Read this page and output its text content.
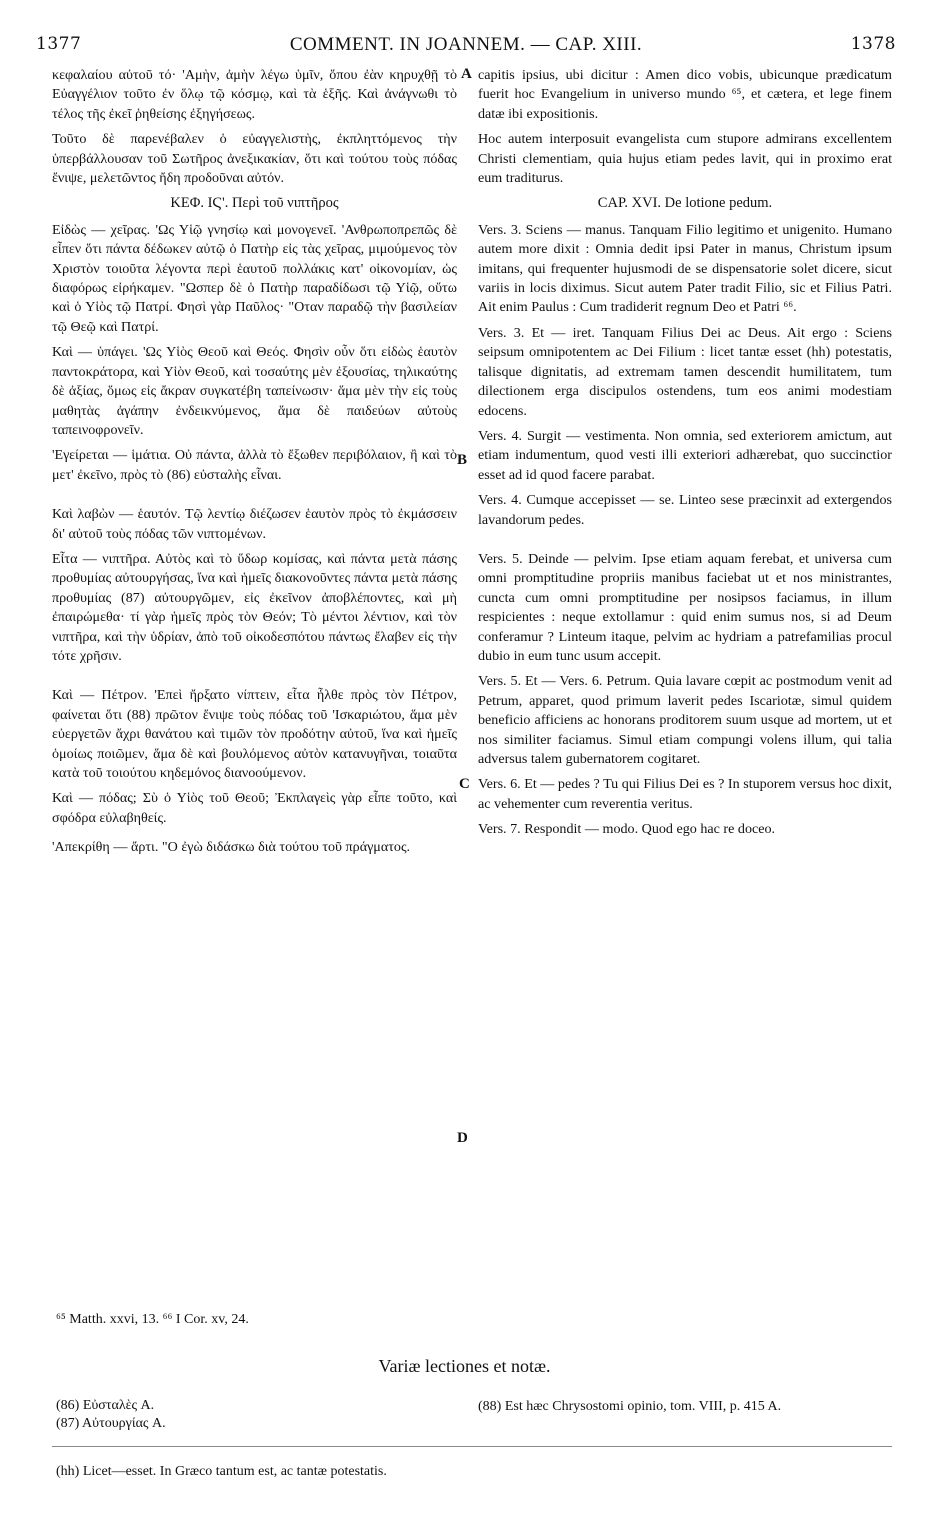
1377	COMMENT. IN JOANNEM. — CAP. XIII.	1378

κεφαλαίου αὐτοῦ τό· 'Αμὴν, ἀμὴν λέγω ὑμῖν, ὅπου ἐὰν κηρυχθῇ τὸ Εὐαγγέλιον τοῦτο ἐν ὅλῳ τῷ κόσμῳ, καὶ τὰ ἑξῆς. Καὶ ἀνάγνωθι τὸ τέλος τῆς ἐκεῖ ῥηθείσης ἐξηγήσεως.

Τοῦτο δὲ παρενέβαλεν ὁ εὐαγγελιστὴς, ἐκπληττόμενος τὴν ὑπερβάλλουσαν τοῦ Σωτῆρος ἀνεξικακίαν, ὅτι καὶ τούτου τοὺς πόδας ἔνιψε, μελετῶντος ἤδη προδοῦναι αὐτόν.

ΚΕΦ. ΙϚ'. Περὶ τοῦ νιπτῆρος

Εἰδὼς — χεῖρας. 'Ως Υἱῷ γνησίῳ καὶ μονογενεῖ. 'Ανθρωποπρεπῶς δὲ εἶπεν ὅτι πάντα δέδωκεν αὐτῷ ὁ Πατὴρ εἰς τὰς χεῖρας, μιμούμενος τὸν Χριστὸν τοιοῦτα λέγοντα περὶ ἑαυτοῦ πολλάκις κατ' οἰκονομίαν, ὡς διαφόρως εἰρήκαμεν. "Ωσπερ δὲ ὁ Πατὴρ παραδίδωσι τῷ Υἱῷ, οὕτω καὶ ὁ Υἱὸς τῷ Πατρί. Φησὶ γὰρ Παῦλος· "Οταν παραδῷ τὴν βασιλείαν τῷ Θεῷ καὶ Πατρί.

Καὶ — ὑπάγει. 'Ως Υἱὸς Θεοῦ καὶ Θεός. Φησὶν οὖν ὅτι εἰδὼς ἑαυτὸν παντοκράτορα, καὶ Υἱὸν Θεοῦ, καὶ τοσαύτης μὲν ἐξουσίας, τηλικαύτης δὲ ἀξίας, ὅμως εἰς ἄκραν συγκατέβη ταπείνωσιν· ἅμα μὲν τὴν εἰς τοὺς μαθητὰς ἀγάπην ἐνδεικνύμενος, ἅμα δὲ παιδεύων αὐτοὺς ταπεινοφρονεῖν.

'Εγείρεται — ἱμάτια. Οὐ πάντα, ἀλλὰ τὸ ἔξωθεν περιβόλαιον, ἢ καὶ τὸ μετ' ἐκεῖνο, πρὸς τὸ (86) εὐσταλὴς εἶναι.

Καὶ λαβὼν — ἑαυτόν. Τῷ λεντίῳ διέζωσεν ἑαυτὸν πρὸς τὸ ἐκμάσσειν δι' αὐτοῦ τοὺς πόδας τῶν νιπτομένων.

Εἶτα — νιπτῆρα. Αὐτὸς καὶ τὸ ὕδωρ κομίσας, καὶ πάντα μετὰ πάσης προθυμίας αὐτουργήσας, ἵνα καὶ ἡμεῖς διακονοῦντες πάντα μετὰ πάσης προθυμίας (87) αὐτουργῶμεν, εἰς ἐκεῖνον ἀποβλέποντες, καὶ μὴ ἐπαιρώμεθα· τί γὰρ ἡμεῖς πρὸς τὸν Θεόν; Τὸ μέντοι λέντιον, καὶ τὸν νιπτῆρα, καὶ τὴν ὑδρίαν, ἀπὸ τοῦ οἰκοδεσπότου πάντως ἔλαβεν εἰς τὴν τότε χρῆσιν.

Καὶ — Πέτρον. 'Επεὶ ἤρξατο νίπτειν, εἶτα ἦλθε πρὸς τὸν Πέτρον, φαίνεται ὅτι (88) πρῶτον ἔνιψε τοὺς πόδας τοῦ 'Ισκαριώτου, ἅμα μὲν εὐεργετῶν ἄχρι θανάτου καὶ τιμῶν τὸν προδότην αὐτοῦ, ἵνα καὶ ἡμεῖς ὁμοίως ποιῶμεν, ἅμα δὲ καὶ βουλόμενος αὐτὸν κατανυγῆναι, τοιαῦτα κατὰ τοῦ τοιούτου κηδεμόνος διανοούμενον.

Καὶ — πόδας; Σὺ ὁ Υἱὸς τοῦ Θεοῦ; Ἐκπλαγεὶς γὰρ εἶπε τοῦτο, καὶ σφόδρα εὐλαβηθείς.

'Απεκρίθη — ἄρτι. "Ο ἐγὼ διδάσκω διὰ τούτου τοῦ πράγματος.

capitis ipsius, ubi dicitur : Amen dico vobis, ubicunque prædicatum fuerit hoc Evangelium in universo mundo ⁶⁵, et cætera, et lege finem datæ ibi expositionis.

Hoc autem interposuit evangelista cum stupore admirans excellentem Christi clementiam, quia hujus etiam pedes lavit, qui in proximo erat eum traditurus.

CAP. XVI. De lotione pedum.

Vers. 3. Sciens — manus. Tanquam Filio legitimo et unigenito. Humano autem more dixit : Omnia dedit ipsi Pater in manus, Christum ipsum imitans, qui frequenter hujusmodi de se dispensatorie solet dicere, sicut variis in locis diximus. Sicut autem Pater tradit Filio, sic et Filius Patri. Ait enim Paulus : Cum tradiderit regnum Deo et Patri ⁶⁶.

Vers. 3. Et — iret. Tanquam Filius Dei ac Deus. Ait ergo : Sciens seipsum omnipotentem ac Dei Filium : licet tantæ esset (hh) potestatis, talisque dignitatis, ad extremam tamen descendit humilitatem, tum dilectionem erga discipulos ostendens, tum eos animi modestiam edocens.

Vers. 4. Surgit — vestimenta. Non omnia, sed exteriorem amictum, aut etiam indumentum, quod vesti illi exteriori adhærebat, quo succinctior esset ad id quod facere parabat.

Vers. 4. Cumque accepisset — se. Linteo sese præcinxit ad extergendos lavandorum pedes.

Vers. 5. Deinde — pelvim. Ipse etiam aquam ferebat, et universa cum omni promptitudine propriis manibus faciebat ut et nos ministrantes, cuncta cum omni promptitudine per nosipsos faciamus, in illum respicientes : neque extollamur : quid enim sumus nos, si ad Deum conferamur ? Linteum itaque, pelvim ac hydriam a patrefamilias procul dubio in eum tunc usum accepit.

Vers. 5. Et — Vers. 6. Petrum. Quia lavare cœpit ac postmodum venit ad Petrum, apparet, quod primum laverit pedes Iscariotæ, simul quidem beneficio afficiens ac honorans proditorem suum usque ad mortem, ut et nos similiter faciamus. Simul etiam compungi volens illum, qui talia adversus talem gubernatorem cogitaret.

Vers. 6. Et — pedes ? Tu qui Filius Dei es ? In stuporem versus hoc dixit, ac vehementer cum reverentia veritus.

Vers. 7. Respondit — modo. Quod ego hac re doceo.

A
B
C
D
⁶⁵ Matth. xxvi, 13. ⁶⁶ I Cor. xv, 24.
Variæ lectiones et notæ.
(86) Εὐσταλὲς A.
(87) Αὐτουργίας A.
(88) Est hæc Chrysostomi opinio, tom. VIII, p. 415 A.
(hh) Licet—esset. In Græco tantum est, ac tantæ potestatis.
